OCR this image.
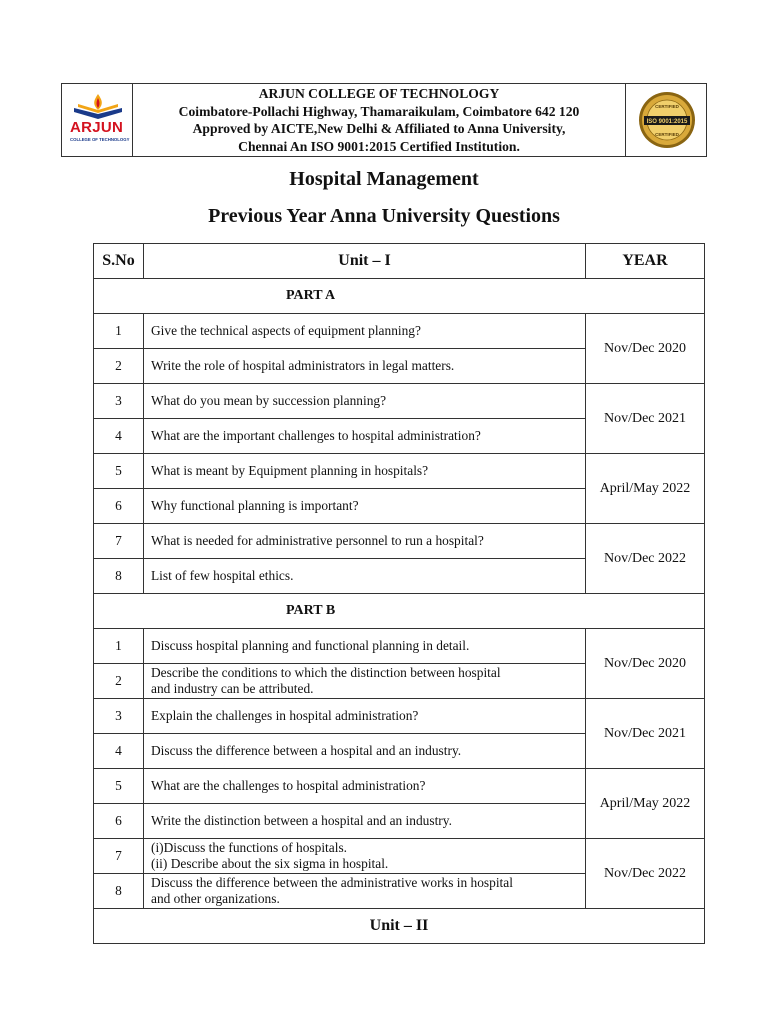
ARJUN
COLLEGE OF TECHNOLOGY
ARJUN COLLEGE OF TECHNOLOGY
Coimbatore-Pollachi Highway, Thamaraikulam, Coimbatore 642 120
Approved by AICTE,New Delhi & Affiliated to Anna University,
Chennai An ISO 9001:2015 Certified Institution.
ISO 9001:2015
CERTIFIED
CERTIFIED
Hospital Management
Previous Year Anna University Questions
S.No	Unit – I	YEAR
PART A		
1	Give the technical aspects of equipment planning?	Nov/Dec 2020
2	Write the role of hospital administrators in legal matters.	
3	What do you mean by succession planning?	Nov/Dec 2021
4	What are the important challenges to hospital administration?	
5	What is meant by Equipment planning in hospitals?	April/May 2022
6	Why functional planning is important?	
7	What is needed for administrative personnel to run a hospital?	Nov/Dec 2022
8	List of few hospital ethics.	
PART B		
1	Discuss hospital planning and functional planning in detail.	Nov/Dec 2020
2	Describe the conditions to which the distinction between hospital
and industry can be attributed.	

3	Explain the challenges in hospital administration?	Nov/Dec 2021
4	Discuss the difference between a hospital and an industry.	
5	What are the challenges to hospital administration?	April/May 2022
6	Write the distinction between a hospital and an industry.	
7	(i)Discuss the functions of hospitals.
(ii) Describe about the six sigma in hospital.	Nov/Dec 2022
8	Discuss the difference between the administrative works in hospital
and other organizations.	

Unit – II		
